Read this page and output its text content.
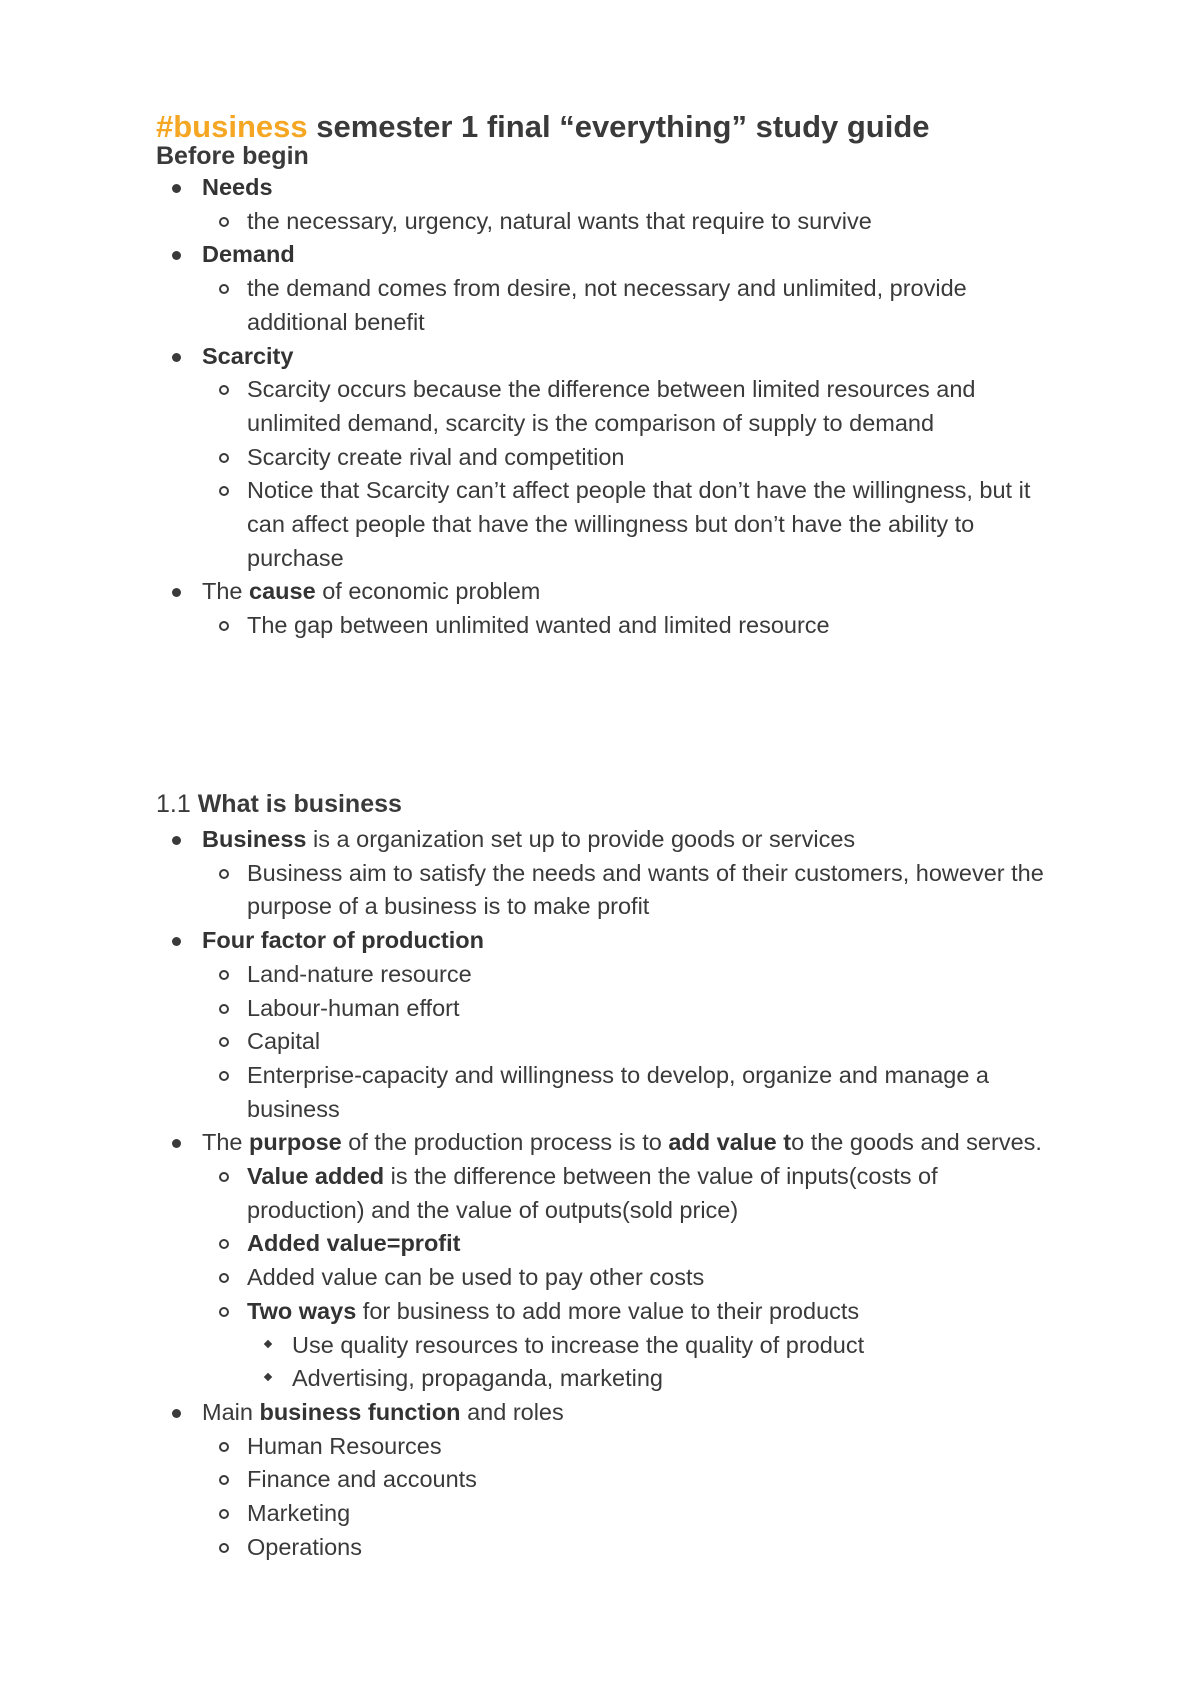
#business semester 1 final “everything” study guide
Before begin
Needs
the necessary, urgency, natural wants that require to survive
Demand
the demand comes from desire, not necessary and unlimited, provide additional benefit
Scarcity
Scarcity occurs because the difference between limited resources and unlimited demand, scarcity is the comparison of supply to demand
Scarcity create rival and competition
Notice that Scarcity can’t affect people that don’t have the willingness, but it can affect people that have the willingness but don’t have the ability to purchase
The cause of economic problem
The gap between unlimited wanted and limited resource
1.1 What is business
Business is a organization set up to provide goods or services
Business aim to satisfy the needs and wants of their customers, however the purpose of a business is to make profit
Four factor of production
Land-nature resource
Labour-human effort
Capital
Enterprise-capacity and willingness to develop, organize and manage a business
The purpose of the production process is to add value to the goods and serves.
Value added is the difference between the value of inputs(costs of production) and the value of outputs(sold price)
Added value=profit
Added value can be used to pay other costs
Two ways for business to add more value to their products
Use quality resources to increase the quality of product
Advertising, propaganda, marketing
Main business function and roles
Human Resources
Finance and accounts
Marketing
Operations
